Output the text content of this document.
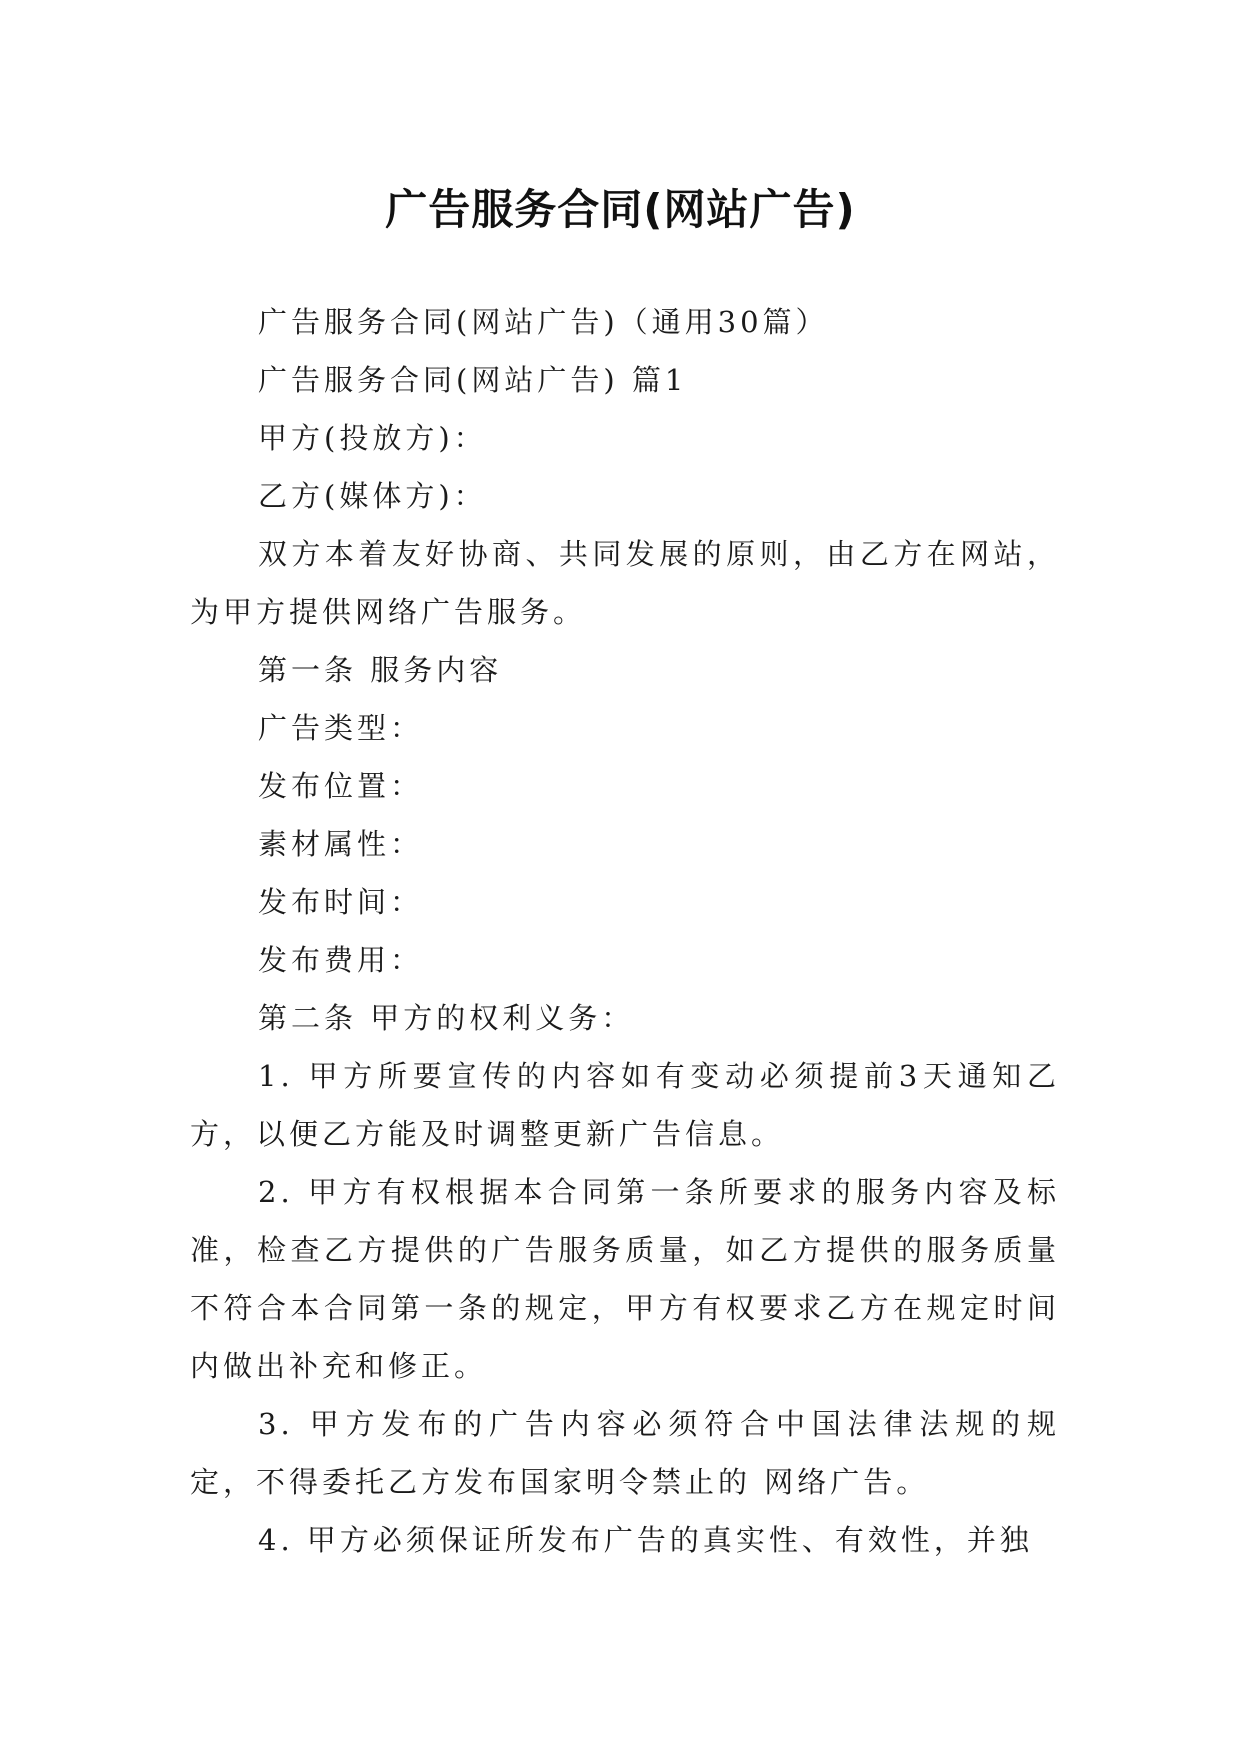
广告服务合同(网站广告)

广告服务合同(网站广告)（通用30篇）

广告服务合同(网站广告) 篇1

甲方(投放方)：

乙方(媒体方)：

双方本着友好协商、共同发展的原则，由乙方在网站，为甲方提供网络广告服务。

第一条 服务内容

广告类型：

发布位置：

素材属性：

发布时间：

发布费用：

第二条 甲方的权利义务：

1. 甲方所要宣传的内容如有变动必须提前3天通知乙方，以便乙方能及时调整更新广告信息。

2. 甲方有权根据本合同第一条所要求的服务内容及标准，检查乙方提供的广告服务质量，如乙方提供的服务质量不符合本合同第一条的规定，甲方有权要求乙方在规定时间内做出补充和修正。

3. 甲方发布的广告内容必须符合中国法律法规的规定，不得委托乙方发布国家明令禁止的 网络广告。

4. 甲方必须保证所发布广告的真实性、有效性，并独
